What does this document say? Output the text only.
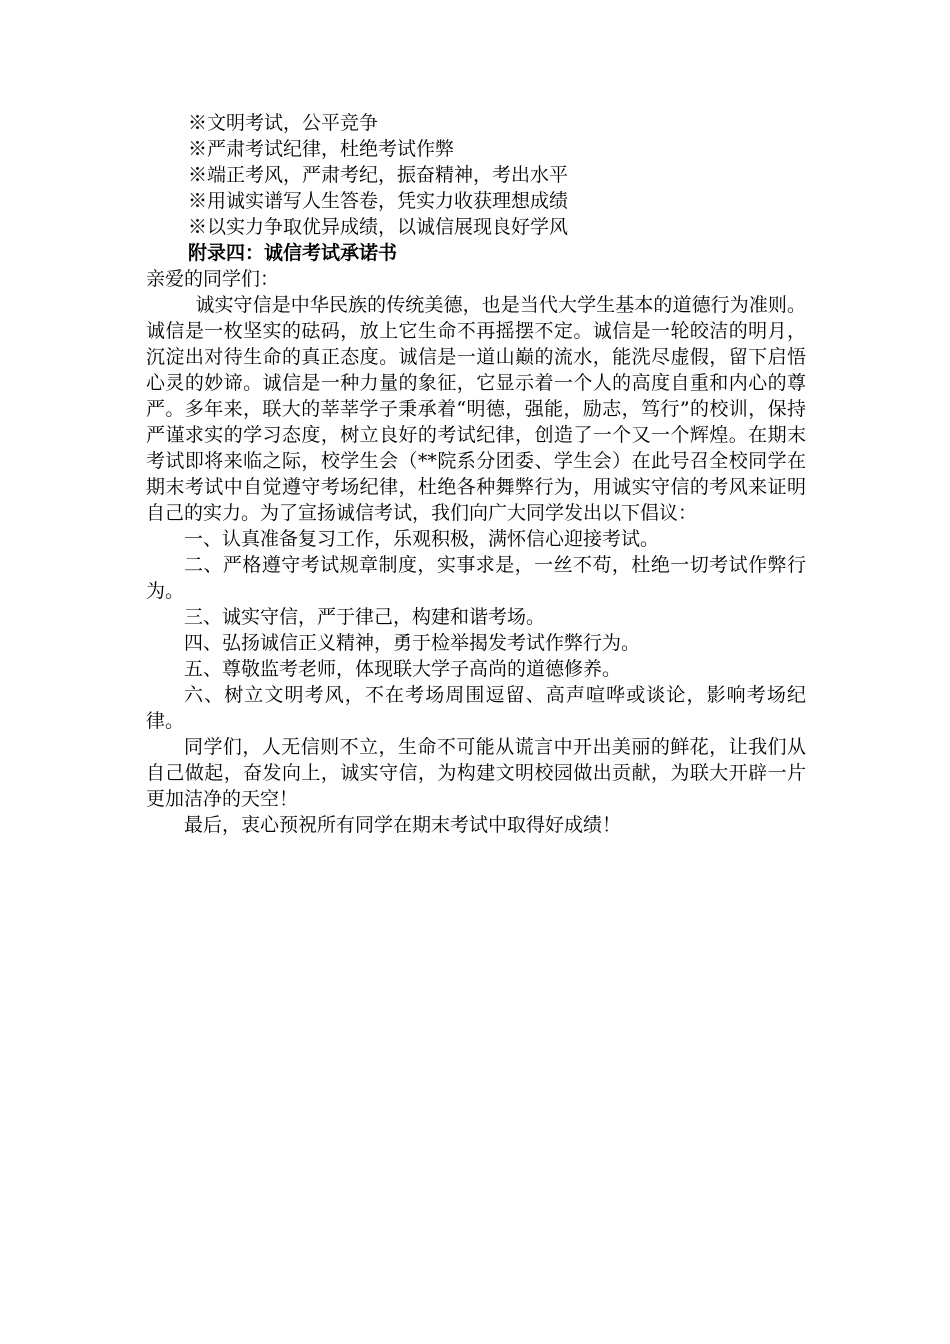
※文明考试，公平竞争
※严肃考试纪律，杜绝考试作弊
※端正考风，严肃考纪，振奋精神，考出水平
※用诚实谱写人生答卷，凭实力收获理想成绩
※以实力争取优异成绩，以诚信展现良好学风
附录四：诚信考试承诺书

亲爱的同学们：

诚实守信是中华民族的传统美德，也是当代大学生基本的道德行为准则。诚信是一枚坚实的砝码，放上它生命不再摇摆不定。诚信是一轮皎洁的明月，沉淀出对待生命的真正态度。诚信是一道山巅的流水，能洗尽虚假，留下启悟心灵的妙谛。诚信是一种力量的象征，它显示着一个人的高度自重和内心的尊严。多年来，联大的莘莘学子秉承着“明德，强能，励志，笃行”的校训，保持严谨求实的学习态度，树立良好的考试纪律，创造了一个又一个辉煌。在期末考试即将来临之际，校学生会（**院系分团委、学生会）在此号召全校同学在期末考试中自觉遵守考场纪律，杜绝各种舞弊行为，用诚实守信的考风来证明自己的实力。为了宣扬诚信考试，我们向广大同学发出以下倡议：

一、认真准备复习工作，乐观积极，满怀信心迎接考试。

二、严格遵守考试规章制度，实事求是，一丝不苟，杜绝一切考试作弊行为。

三、诚实守信，严于律己，构建和谐考场。

四、弘扬诚信正义精神，勇于检举揭发考试作弊行为。

五、尊敬监考老师，体现联大学子高尚的道德修养。

六、树立文明考风，不在考场周围逗留、高声喧哗或谈论，影响考场纪律。

同学们，人无信则不立，生命不可能从谎言中开出美丽的鲜花，让我们从自己做起，奋发向上，诚实守信，为构建文明校园做出贡献，为联大开辟一片更加洁净的天空！

最后，衷心预祝所有同学在期末考试中取得好成绩！
